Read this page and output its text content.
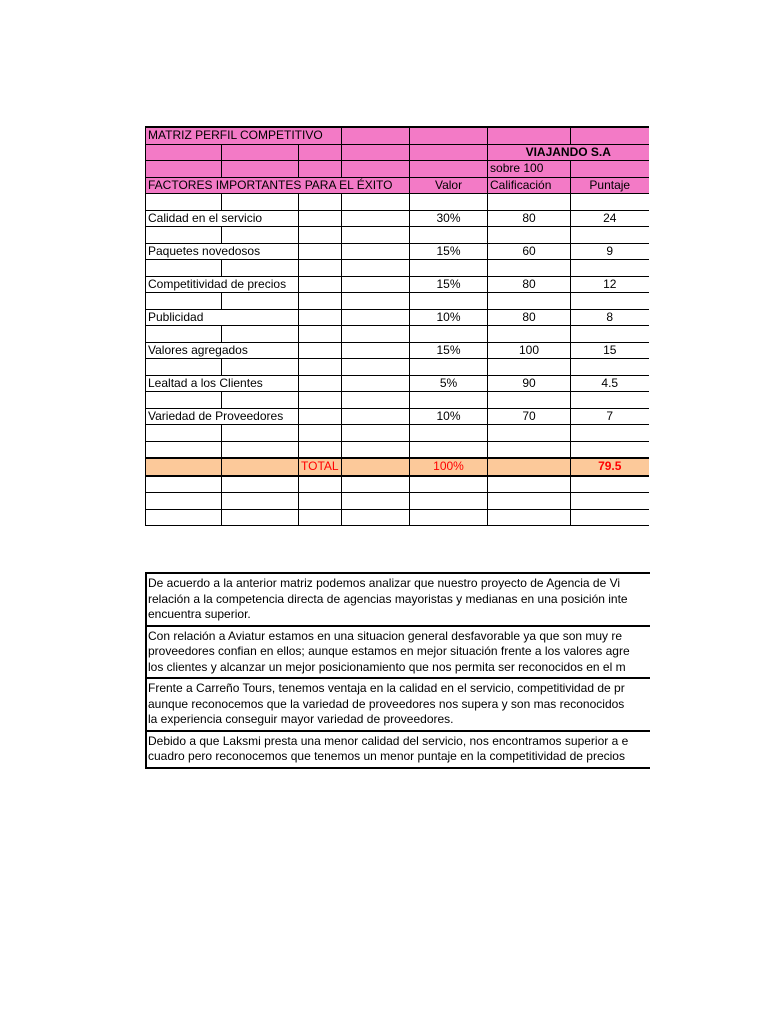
MATRIZ PERFIL COMPETITIVO						
					VIAJANDO S.A	
					sobre 100	
FACTORES IMPORTANTES PARA EL ÉXITO				Valor	Calificación	Puntaje

Calidad en el servicio				30%	80	24

Paquetes novedosos				15%	60	9

Competitividad de precios				15%	80	12

Publicidad				10%	80	8

Valores agregados				15%	100	15

Lealtad a los Clientes				5%	90	4.5

Variedad de Proveedores				10%	70	7

		TOTAL		100%		79.5

De acuerdo a la anterior matriz podemos analizar que nuestro proyecto de Agencia de Vi
relación a la competencia directa de agencias mayoristas y medianas en una posición inte
encuentra superior.
Con relación a Aviatur estamos en una situacion general desfavorable ya que son muy re
proveedores confian en ellos; aunque estamos en mejor situación frente a los valores agre
los clientes y alcanzar un mejor posicionamiento que nos permita ser reconocidos en el m
Frente a Carreño Tours, tenemos ventaja en la calidad en el servicio, competitividad de pr
aunque reconocemos que la variedad de proveedores nos supera y son mas reconocidos
la experiencia conseguir mayor variedad de proveedores.
Debido a que Laksmi presta una menor calidad del servicio, nos encontramos superior a e
cuadro pero reconocemos que tenemos un menor puntaje en la competitividad de precios
